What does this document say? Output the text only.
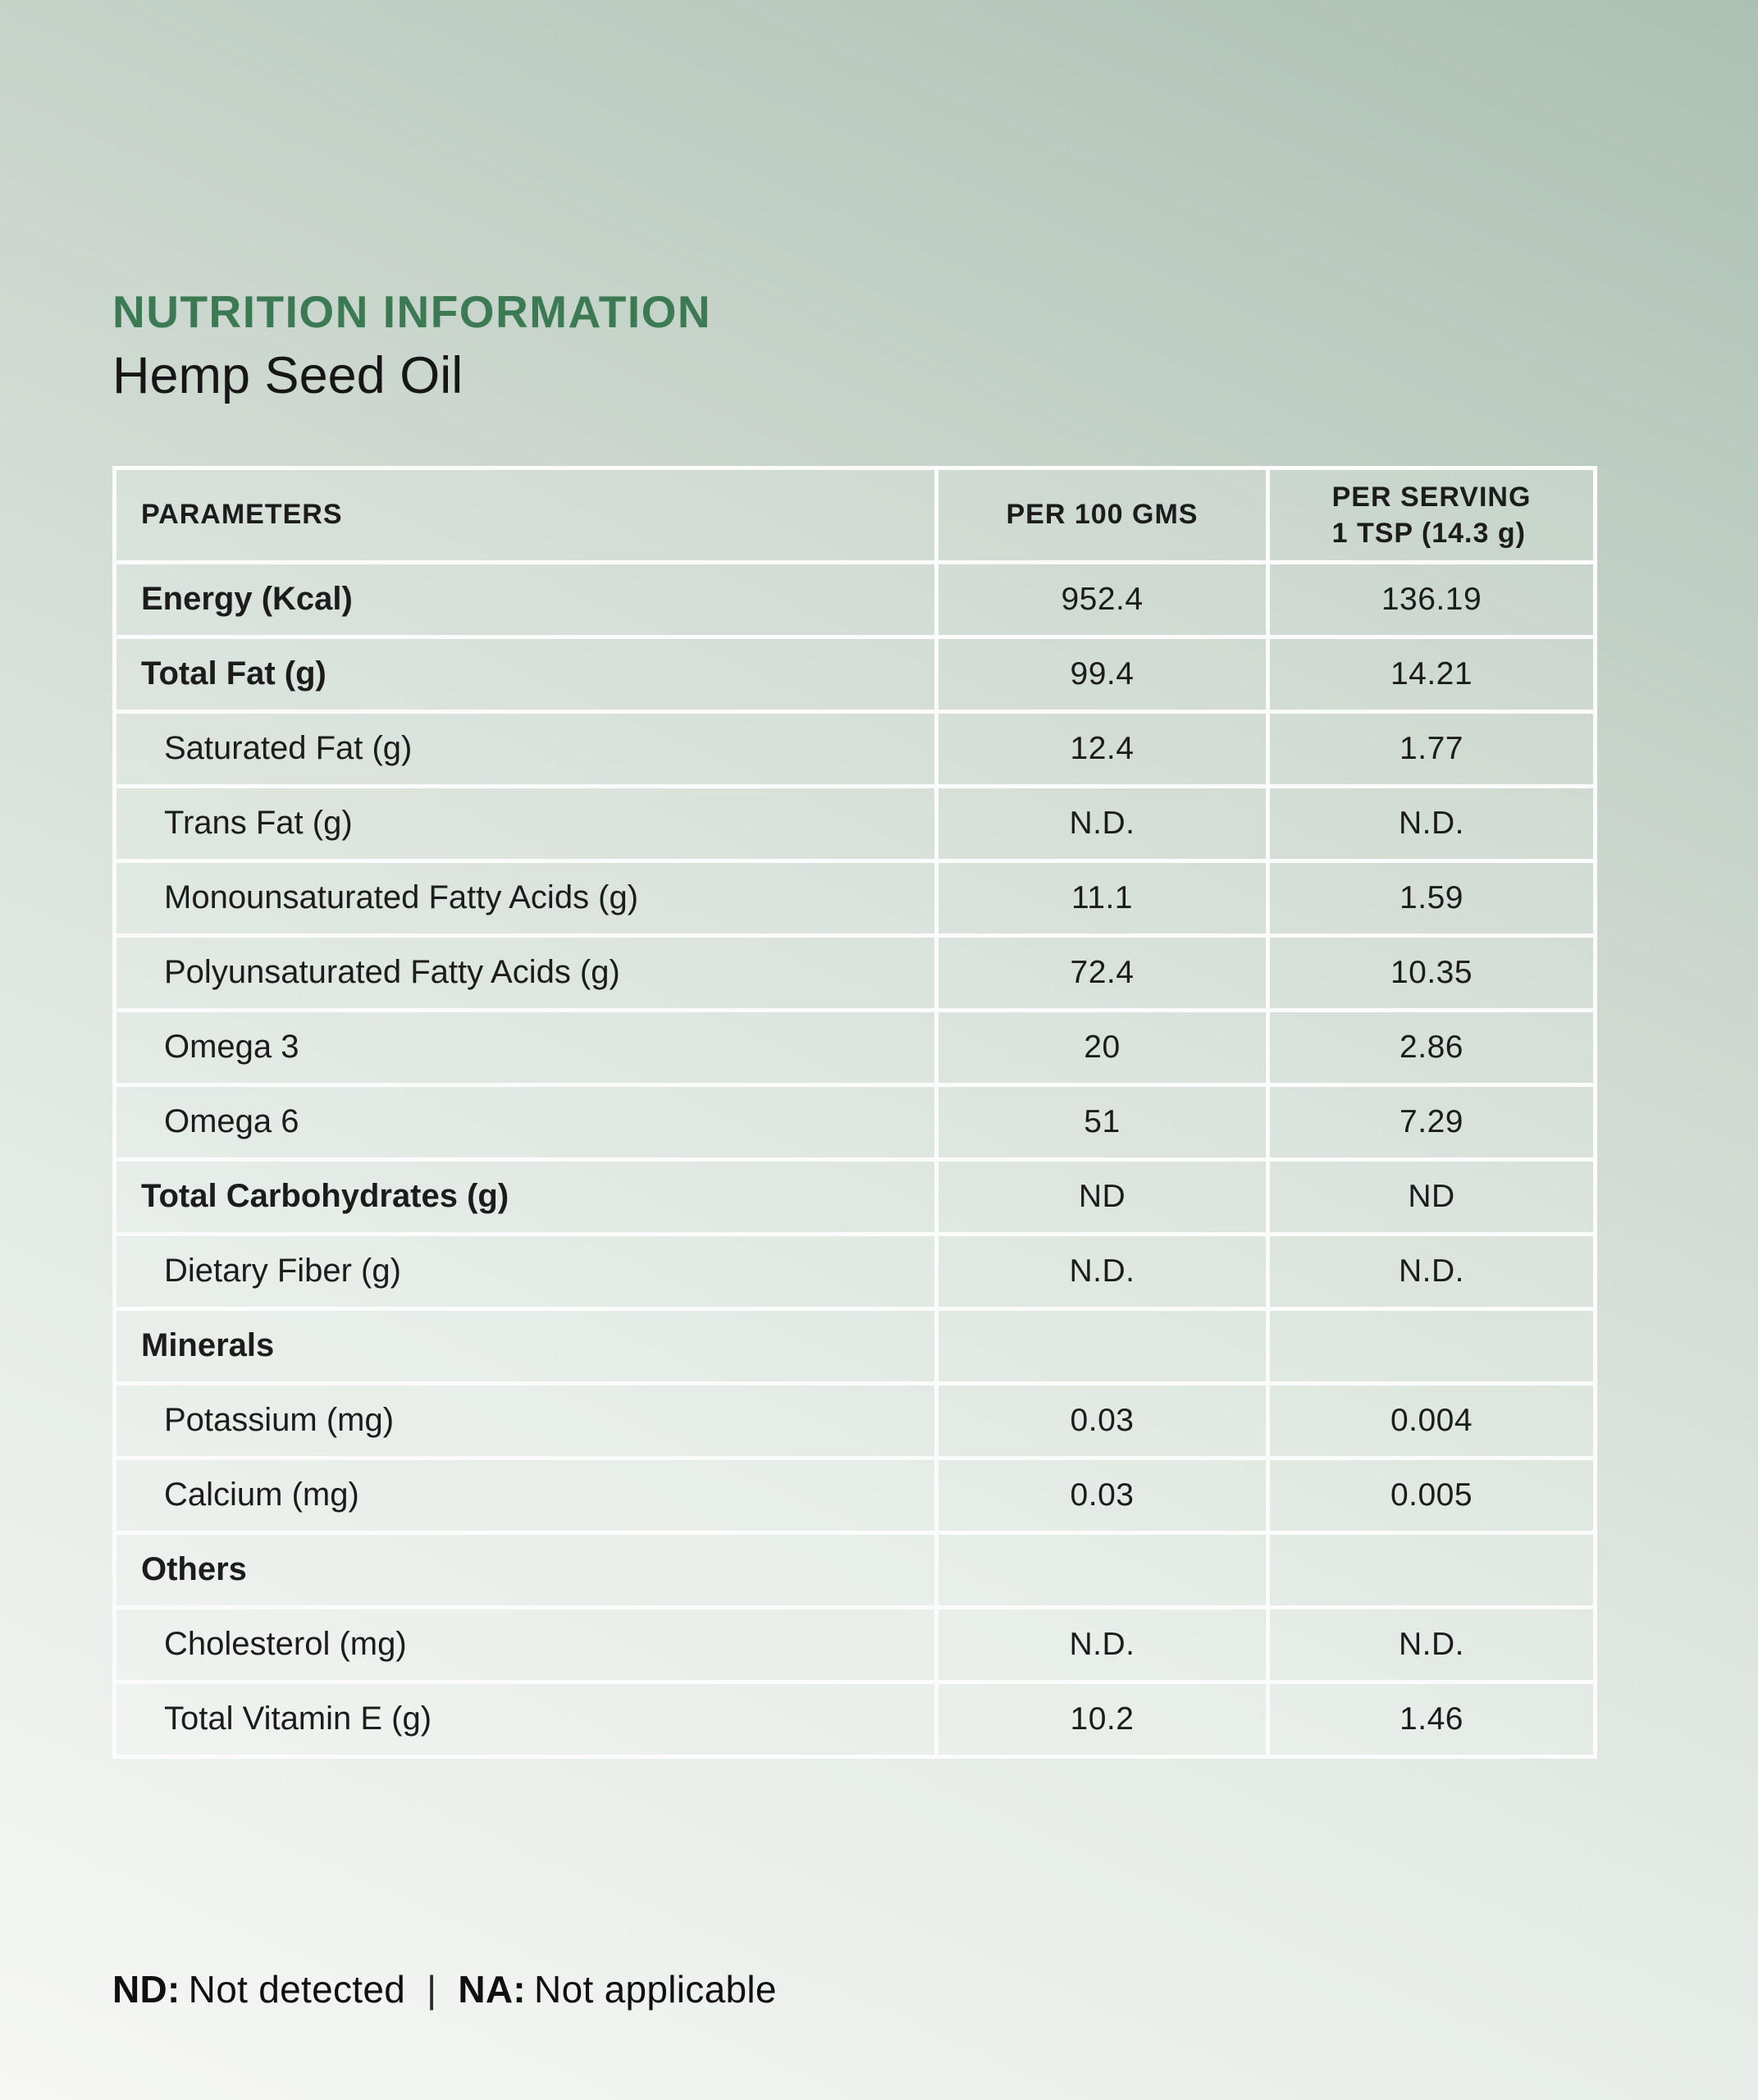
NUTRITION INFORMATION
Hemp Seed Oil
PARAMETERS	PER 100 GMS	PER SERVING
1 TSP (14.3 g)
Energy (Kcal)	952.4	136.19
Total Fat (g)	99.4	14.21
Saturated Fat (g)	12.4	1.77
Trans Fat (g)	N.D.	N.D.
Monounsaturated Fatty Acids (g)	11.1	1.59
Polyunsaturated Fatty Acids (g)	72.4	10.35
Omega 3	20	2.86
Omega 6	51	7.29
Total Carbohydrates (g)	ND	ND
Dietary Fiber (g)	N.D.	N.D.
Minerals		
Potassium (mg)	0.03	0.004
Calcium (mg)	0.03	0.005
Others		
Cholesterol (mg)	N.D.	N.D.
Total Vitamin E (g)	10.2	1.46
ND: Not detected | NA: Not applicable
